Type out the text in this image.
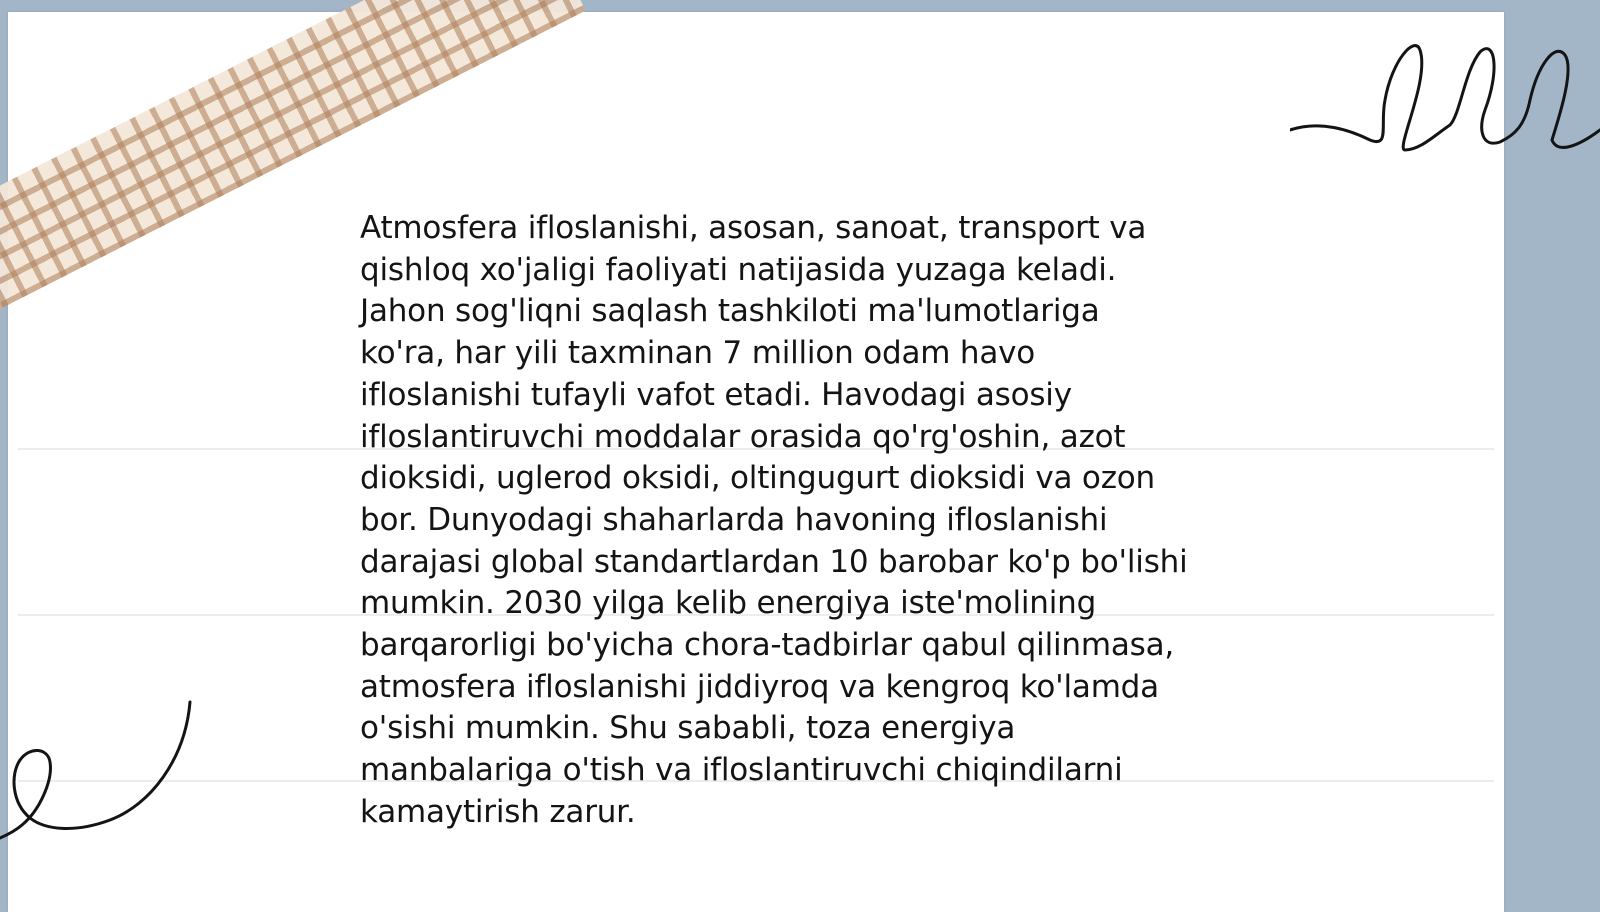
Atmosfera ifloslanishi, asosan, sanoat, transport va
qishloq xo'jaligi faoliyati natijasida yuzaga keladi.
Jahon sog'liqni saqlash tashkiloti ma'lumotlariga
ko'ra, har yili taxminan 7 million odam havo
ifloslanishi tufayli vafot etadi. Havodagi asosiy
ifloslantiruvchi moddalar orasida qo'rg'oshin, azot
dioksidi, uglerod oksidi, oltingugurt dioksidi va ozon
bor. Dunyodagi shaharlarda havoning ifloslanishi
darajasi global standartlardan 10 barobar ko'p bo'lishi
mumkin. 2030 yilga kelib energiya iste'molining
barqarorligi bo'yicha chora-tadbirlar qabul qilinmasa,
atmosfera ifloslanishi jiddiyroq va kengroq ko'lamda
o'sishi mumkin. Shu sababli, toza energiya
manbalariga o'tish va ifloslantiruvchi chiqindilarni
kamaytirish zarur.
